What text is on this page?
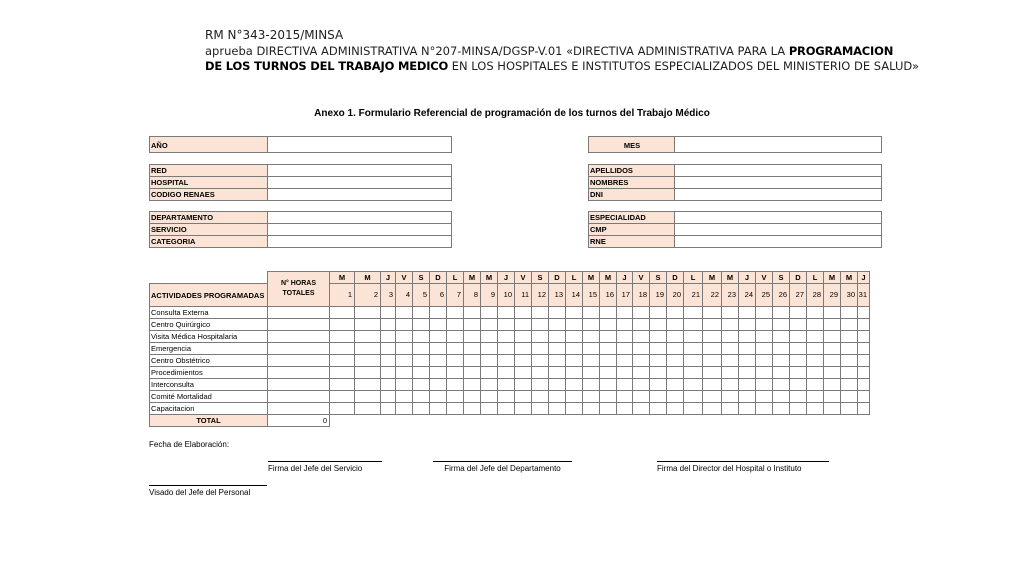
RM N°343-2015/MINSA
aprueba DIRECTIVA ADMINISTRATIVA N°207-MINSA/DGSP-V.01 «DIRECTIVA ADMINISTRATIVA PARA LA PROGRAMACION
DE LOS TURNOS DEL TRABAJO MEDICO EN LOS HOSPITALES E INSTITUTOS ESPECIALIZADOS DEL MINISTERIO DE SALUD»
Anexo 1. Formulario Referencial de programación de los turnos del Trabajo Médico
AÑO
RED
HOSPITAL
CODIGO RENAES
DEPARTAMENTO
SERVICIO
CATEGORIA
MES
APELLIDOS
NOMBRES
DNI
ESPECIALIDAD
CMP
RNE
	N° HORAS TOTALES	M	M	J	V	S	D	L	M	M	J	V	S	D	L	M	M	J	V	S	D	L	M	M	J	V	S	D	L	M	M	J
ACTIVIDADES PROGRAMADAS		1	2	3	4	5	6	7	8	9	10	11	12	13	14	15	16	17	18	19	20	21	22	23	24	25	26	27	28	29	30	31
Consulta Externa																																
Centro Quirúrgico																																
Visita Médica Hospitalaria																																
Emergencia																																
Centro Obstétrico																																
Procedimientos																																
Interconsulta																																
Comité Mortalidad																																
Capacitacion																																
TOTAL	0																															
Fecha de Elaboración:
Firma del Jefe del Servicio	Firma del Jefe del Departamento	Firma del Director del Hospital o Instituto
Visado del Jefe del Personal
